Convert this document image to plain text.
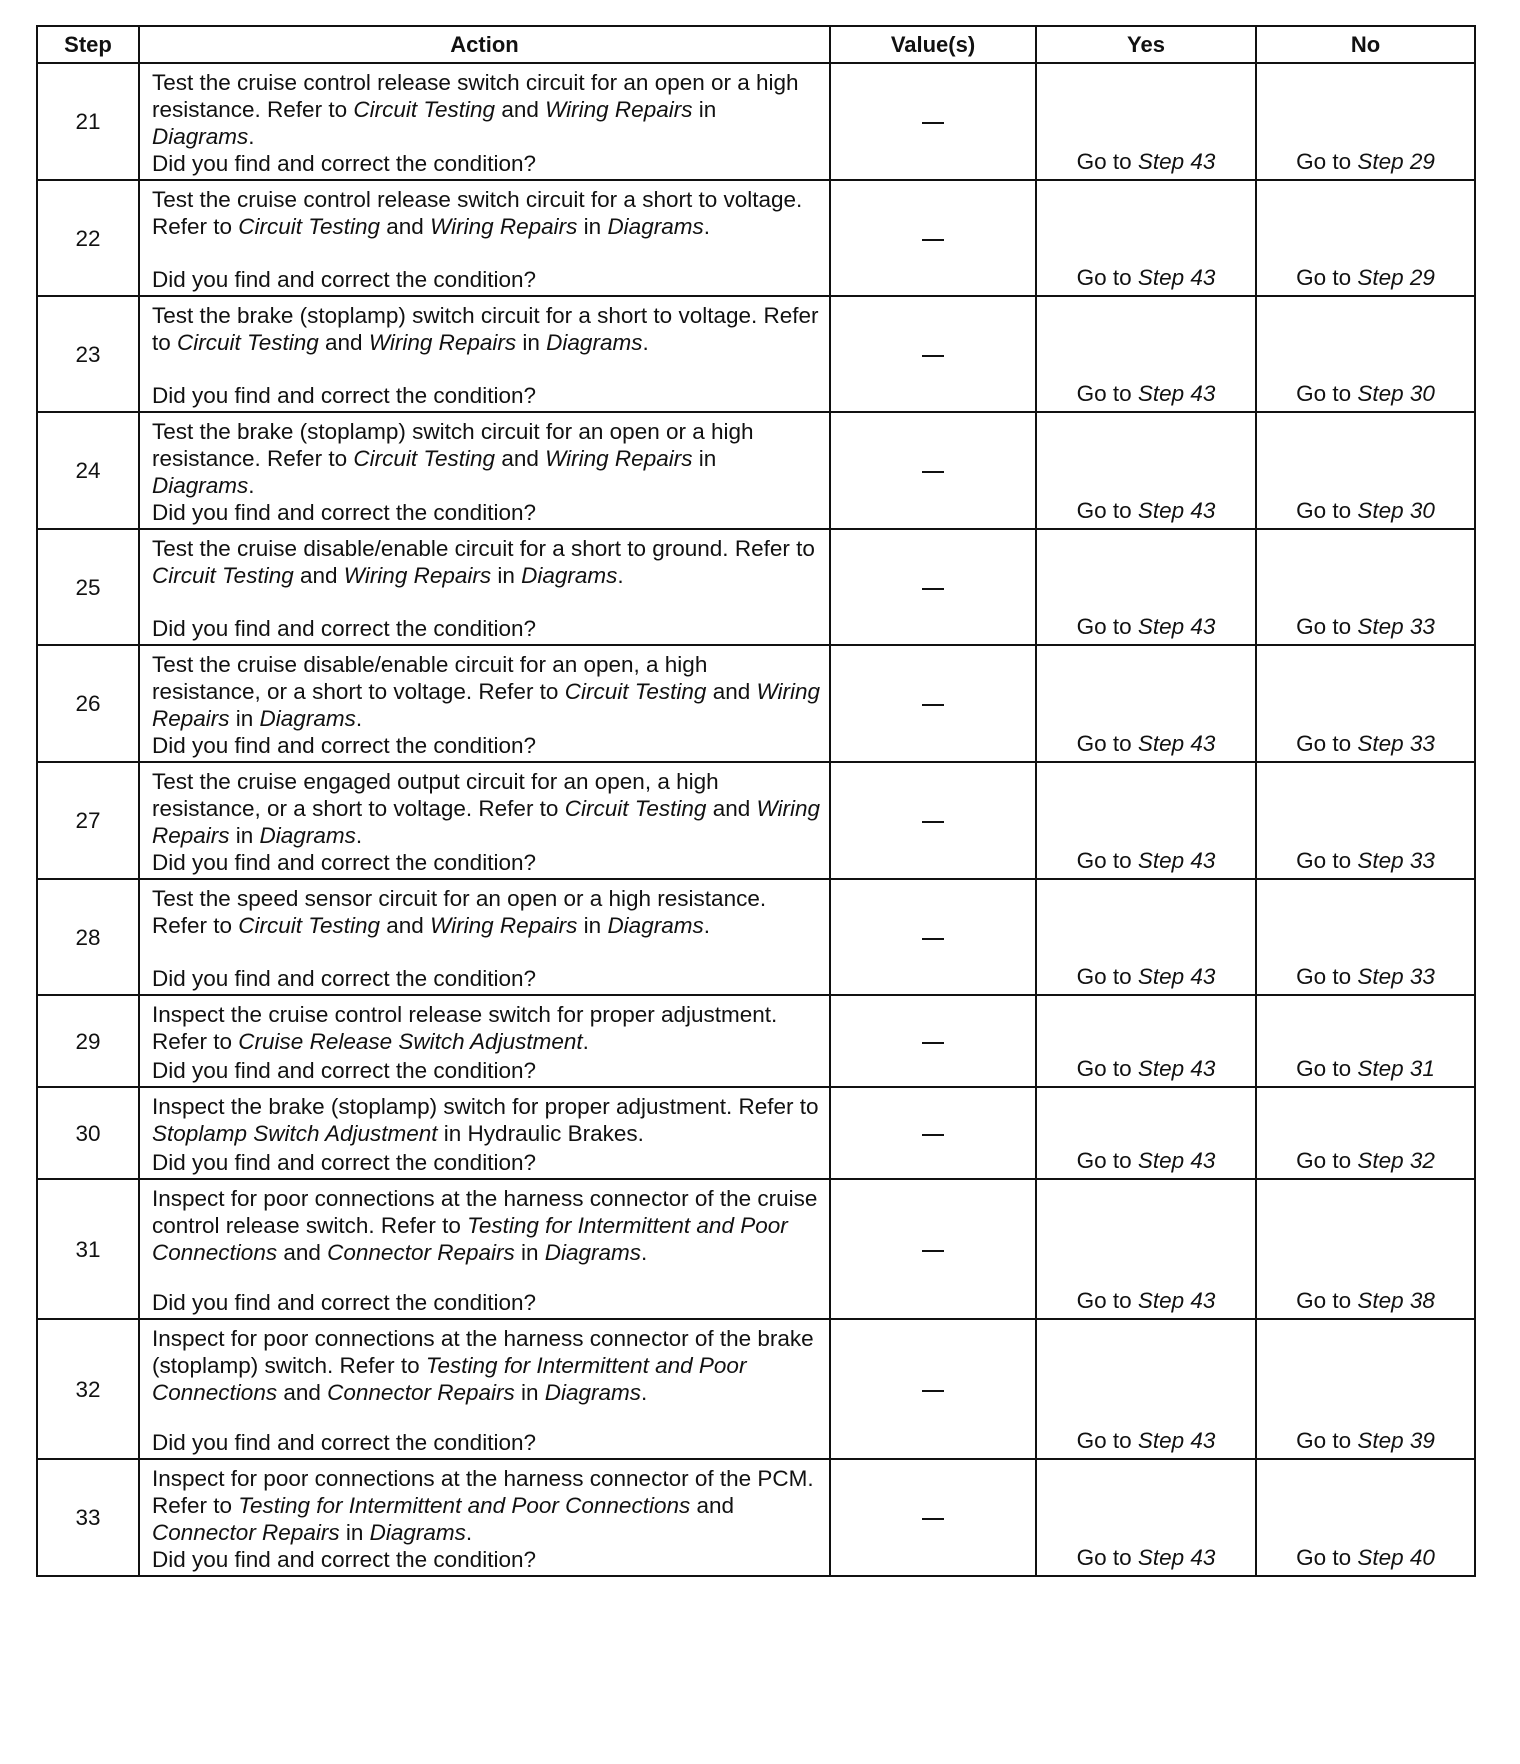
Step	Action	Value(s)	Yes	No
21	Test the cruise control release switch circuit for an open or a high resistance. Refer to Circuit Testing and Wiring Repairs in Diagrams.
Did you find and correct the condition?		Go to Step 43	Go to Step 29
22	Test the cruise control release switch circuit for a short to voltage. Refer to Circuit Testing and Wiring Repairs in Diagrams.
Did you find and correct the condition?		Go to Step 43	Go to Step 29
23	Test the brake (stoplamp) switch circuit for a short to voltage. Refer to Circuit Testing and Wiring Repairs in Diagrams.
Did you find and correct the condition?		Go to Step 43	Go to Step 30
24	Test the brake (stoplamp) switch circuit for an open or a high resistance. Refer to Circuit Testing and Wiring Repairs in Diagrams.
Did you find and correct the condition?		Go to Step 43	Go to Step 30
25	Test the cruise disable/enable circuit for a short to ground. Refer to Circuit Testing and Wiring Repairs in Diagrams.
Did you find and correct the condition?		Go to Step 43	Go to Step 33
26	Test the cruise disable/enable circuit for an open, a high resistance, or a short to voltage. Refer to Circuit Testing and Wiring Repairs in Diagrams.
Did you find and correct the condition?		Go to Step 43	Go to Step 33
27	Test the cruise engaged output circuit for an open, a high resistance, or a short to voltage. Refer to Circuit Testing and Wiring Repairs in Diagrams.
Did you find and correct the condition?		Go to Step 43	Go to Step 33
28	Test the speed sensor circuit for an open or a high resistance. Refer to Circuit Testing and Wiring Repairs in Diagrams.
Did you find and correct the condition?		Go to Step 43	Go to Step 33
29	Inspect the cruise control release switch for proper adjustment. Refer to Cruise Release Switch Adjustment.
Did you find and correct the condition?		Go to Step 43	Go to Step 31
30	Inspect the brake (stoplamp) switch for proper adjustment. Refer to Stoplamp Switch Adjustment in Hydraulic Brakes.
Did you find and correct the condition?		Go to Step 43	Go to Step 32
31	Inspect for poor connections at the harness connector of the cruise control release switch. Refer to Testing for Intermittent and Poor Connections and Connector Repairs in Diagrams.
Did you find and correct the condition?		Go to Step 43	Go to Step 38
32	Inspect for poor connections at the harness connector of the brake (stoplamp) switch. Refer to Testing for Intermittent and Poor Connections and Connector Repairs in Diagrams.
Did you find and correct the condition?		Go to Step 43	Go to Step 39
33	Inspect for poor connections at the harness connector of the PCM. Refer to Testing for Intermittent and Poor Connections and Connector Repairs in Diagrams.
Did you find and correct the condition?		Go to Step 43	Go to Step 40
